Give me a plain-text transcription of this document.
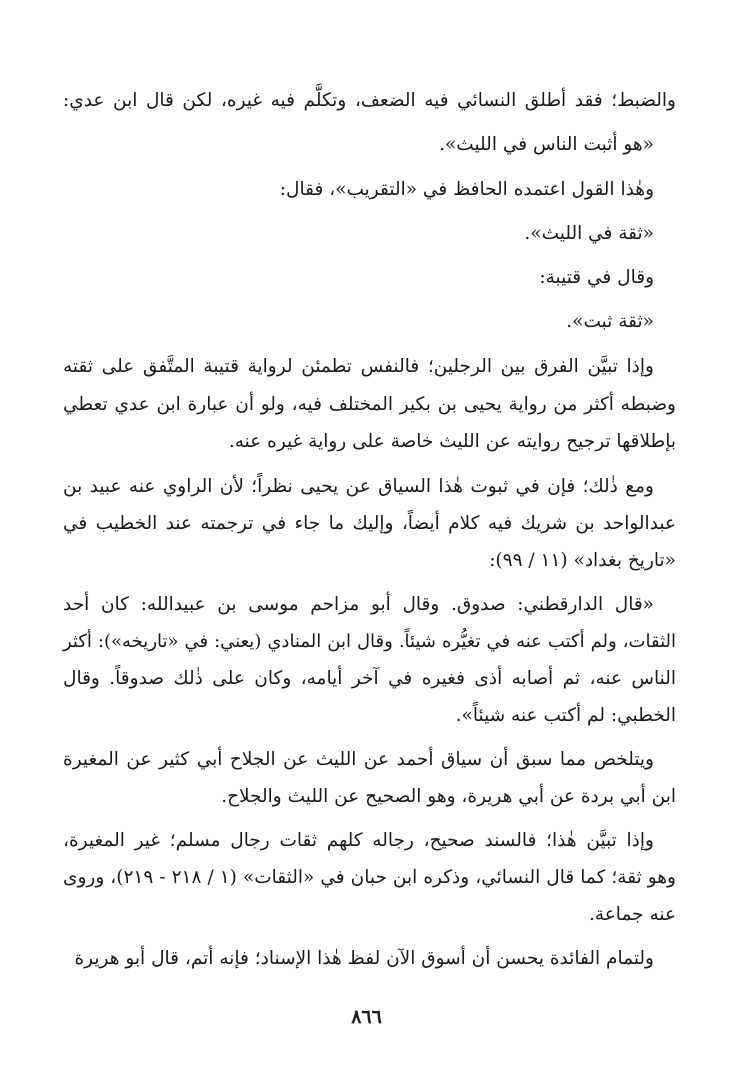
والضبط؛ فقد أطلق النسائي فيه الضعف، وتكلَّم فيه غيره، لكن قال ابن عدي:
«هو أثبت الناس في الليث».
وهٰذا القول اعتمده الحافظ في «التقريب»، فقال:
«ثقة في الليث».
وقال في قتيبة:
«ثقة ثبت».
وإذا تبيَّن الفرق بين الرجلين؛ فالنفس تطمئن لرواية قتيبة المتَّفق على ثقته
وضبطه أكثر من رواية يحيى بن بكير المختلف فيه، ولو أن عبارة ابن عدي تعطي
بإطلاقها ترجيح روايته عن الليث خاصة على رواية غيره عنه.
ومع ذٰلك؛ فإن في ثبوت هٰذا السياق عن يحيى نظراً؛ لأن الراوي عنه عبيد بن
عبدالواحد بن شريك فيه كلام أيضاً، وإليك ما جاء في ترجمته عند الخطيب في
«تاريخ بغداد» (١١ / ٩٩):
«قال الدارقطني: صدوق. وقال أبو مزاحم موسى بن عبيدالله: كان أحد
الثقات، ولم أكتب عنه في تغيُّره شيئاً. وقال ابن المنادي (يعني: في «تاريخه»): أكثر
الناس عنه، ثم أصابه أذى فغيره في آخر أيامه، وكان على ذٰلك صدوقاً. وقال
الخطبي: لم أكتب عنه شيئاً».
ويتلخص مما سبق أن سياق أحمد عن الليث عن الجلاح أبي كثير عن المغيرة
ابن أبي بردة عن أبي هريرة، وهو الصحيح عن الليث والجلاح.
وإذا تبيَّن هٰذا؛ فالسند صحيح، رجاله كلهم ثقات رجال مسلم؛ غير المغيرة،
وهو ثقة؛ كما قال النسائي، وذكره ابن حبان في «الثقات» (١ / ٢١٨ - ٢١٩)، وروى
عنه جماعة.
ولتمام الفائدة يحسن أن أسوق الآن لفظ هٰذا الإسناد؛ فإنه أتم، قال أبو هريرة
٨٦٦
